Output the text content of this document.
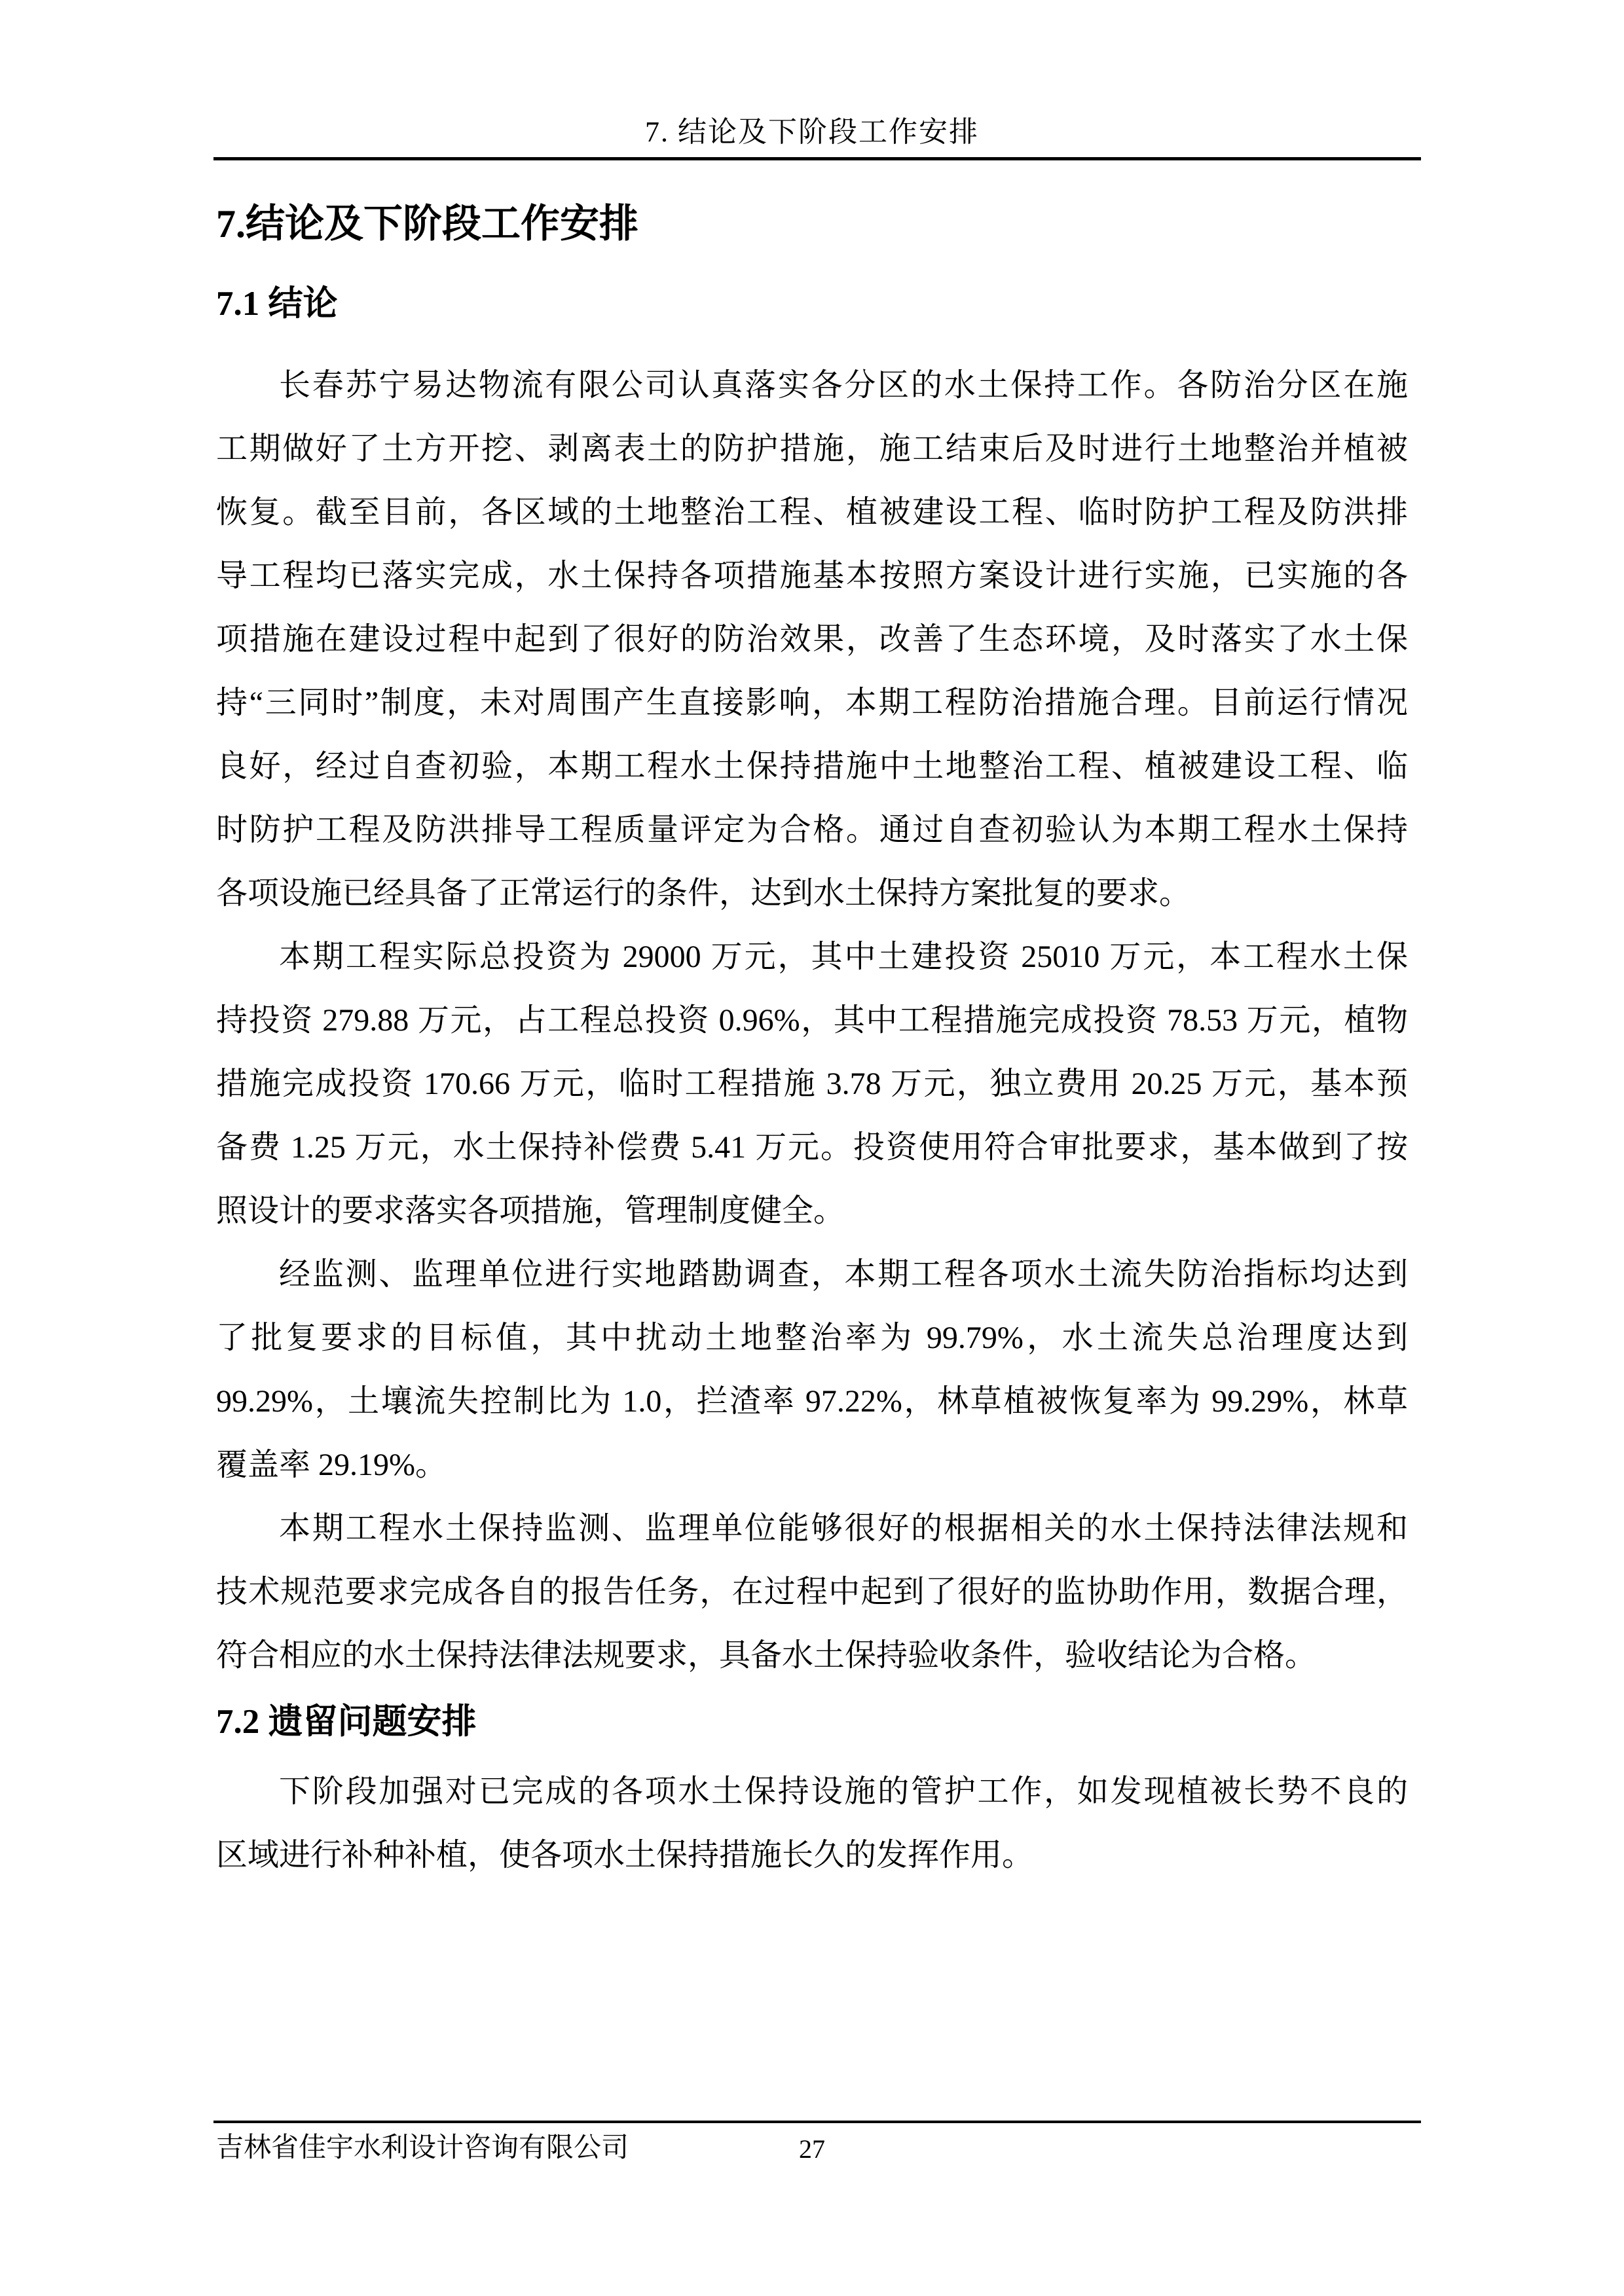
7. 结论及下阶段工作安排
7.结论及下阶段工作安排
7.1 结论
长春苏宁易达物流有限公司认真落实各分区的水土保持工作。各防治分区在施
工期做好了土方开挖、剥离表土的防护措施，施工结束后及时进行土地整治并植被
恢复。截至目前，各区域的土地整治工程、植被建设工程、临时防护工程及防洪排
导工程均已落实完成，水土保持各项措施基本按照方案设计进行实施，已实施的各
项措施在建设过程中起到了很好的防治效果，改善了生态环境，及时落实了水土保
持“三同时”制度，未对周围产生直接影响，本期工程防治措施合理。目前运行情况
良好，经过自查初验，本期工程水土保持措施中土地整治工程、植被建设工程、临
时防护工程及防洪排导工程质量评定为合格。通过自查初验认为本期工程水土保持
各项设施已经具备了正常运行的条件，达到水土保持方案批复的要求。
本期工程实际总投资为 29000 万元，其中土建投资 25010 万元，本工程水土保
持投资 279.88 万元，占工程总投资 0.96%，其中工程措施完成投资 78.53 万元，植物
措施完成投资 170.66 万元，临时工程措施 3.78 万元，独立费用 20.25 万元，基本预
备费 1.25 万元，水土保持补偿费 5.41 万元。投资使用符合审批要求，基本做到了按
照设计的要求落实各项措施，管理制度健全。
经监测、监理单位进行实地踏勘调查，本期工程各项水土流失防治指标均达到
了批复要求的目标值，其中扰动土地整治率为 99.79%，水土流失总治理度达到
99.29%，土壤流失控制比为 1.0，拦渣率 97.22%，林草植被恢复率为 99.29%，林草
覆盖率 29.19%。
本期工程水土保持监测、监理单位能够很好的根据相关的水土保持法律法规和
技术规范要求完成各自的报告任务，在过程中起到了很好的监协助作用，数据合理，
符合相应的水土保持法律法规要求，具备水土保持验收条件，验收结论为合格。
7.2 遗留问题安排
下阶段加强对已完成的各项水土保持设施的管护工作，如发现植被长势不良的
区域进行补种补植，使各项水土保持措施长久的发挥作用。
吉林省佳宇水利设计咨询有限公司	27
